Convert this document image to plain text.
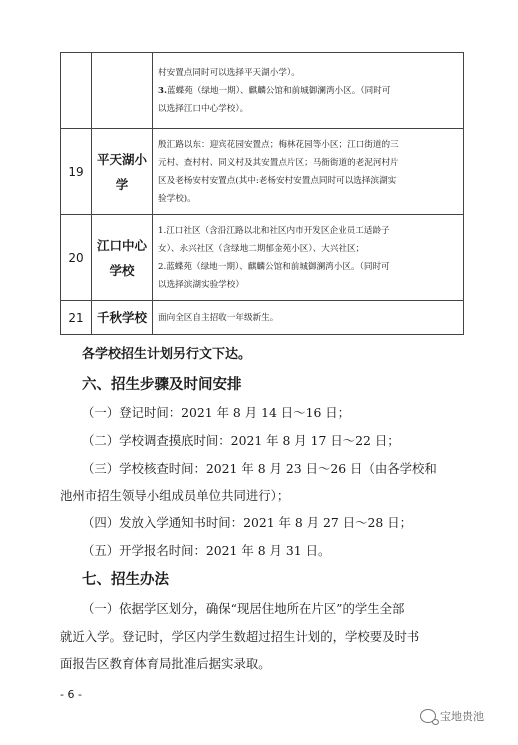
		村安置点同时可以选择平天湖小学）。

3.蓝蝶苑（绿地一期）、麒麟公馆和前城御澜湾小区。（同时可

以选择江口中心学校）。

19	平天湖小学	殷汇路以东：迎宾花园安置点；梅林花园等小区；江口街道的三

元村、查村村、同义村及其安置点片区；马衙街道的老泥河村片

区及老杨安村安置点(其中:老杨安村安置点同时可以选择滨湖实

验学校)。

20	江口中心学校	1.江口社区（含沿江路以北和社区内市开发区企业员工适龄子

女）、永兴社区（含绿地二期郁金苑小区）、大兴社区；

2.蓝蝶苑（绿地一期）、麒麟公馆和前城御澜湾小区。（同时可

以选择滨湖实验学校）

21	千秋学校	面向全区自主招收一年级新生。

各学校招生计划另行文下达。

六、招生步骤及时间安排

（一）登记时间：2021 年 8 月 14 日～16 日；

（二）学校调查摸底时间：2021 年 8 月 17 日～22 日；

（三）学校核查时间：2021 年 8 月 23 日～26 日（由各学校和

池州市招生领导小组成员单位共同进行）；

（四）发放入学通知书时间：2021 年 8 月 27 日～28 日；

（五）开学报名时间：2021 年 8 月 31 日。

七、招生办法

（一）依据学区划分，确保“现居住地所在片区”的学生全部

就近入学。登记时，学区内学生数超过招生计划的，学校要及时书

面报告区教育体育局批准后据实录取。

- 6 -
宝地贵池
